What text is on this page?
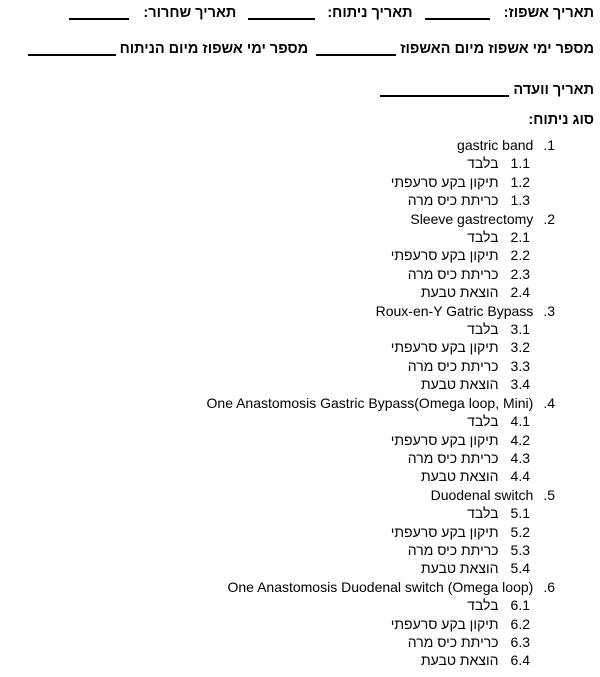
תאריך אשפוז:  תאריך ניתוח:  תאריך שחרור:
מספר ימי אשפוז מיום האשפוז  מספר ימי אשפוז מיום הניתוח
תאריך וועדה
סוג ניתוח:
1.gastric band
1.1בלבד
1.2תיקון בקע סרעפתי
1.3כריתת כיס מרה
2.Sleeve gastrectomy
2.1בלבד
2.2תיקון בקע סרעפתי
2.3כריתת כיס מרה
2.4הוצאת טבעת
3.Roux-en-Y Gatric Bypass
3.1בלבד
3.2תיקון בקע סרעפתי
3.3כריתת כיס מרה
3.4הוצאת טבעת
4.One Anastomosis Gastric Bypass(Omega loop, Mini)
4.1בלבד
4.2תיקון בקע סרעפתי
4.3כריתת כיס מרה
4.4הוצאת טבעת
5.Duodenal switch
5.1בלבד
5.2תיקון בקע סרעפתי
5.3כריתת כיס מרה
5.4הוצאת טבעת
6.One Anastomosis Duodenal switch (Omega loop)
6.1בלבד
6.2תיקון בקע סרעפתי
6.3כריתת כיס מרה
6.4הוצאת טבעת
